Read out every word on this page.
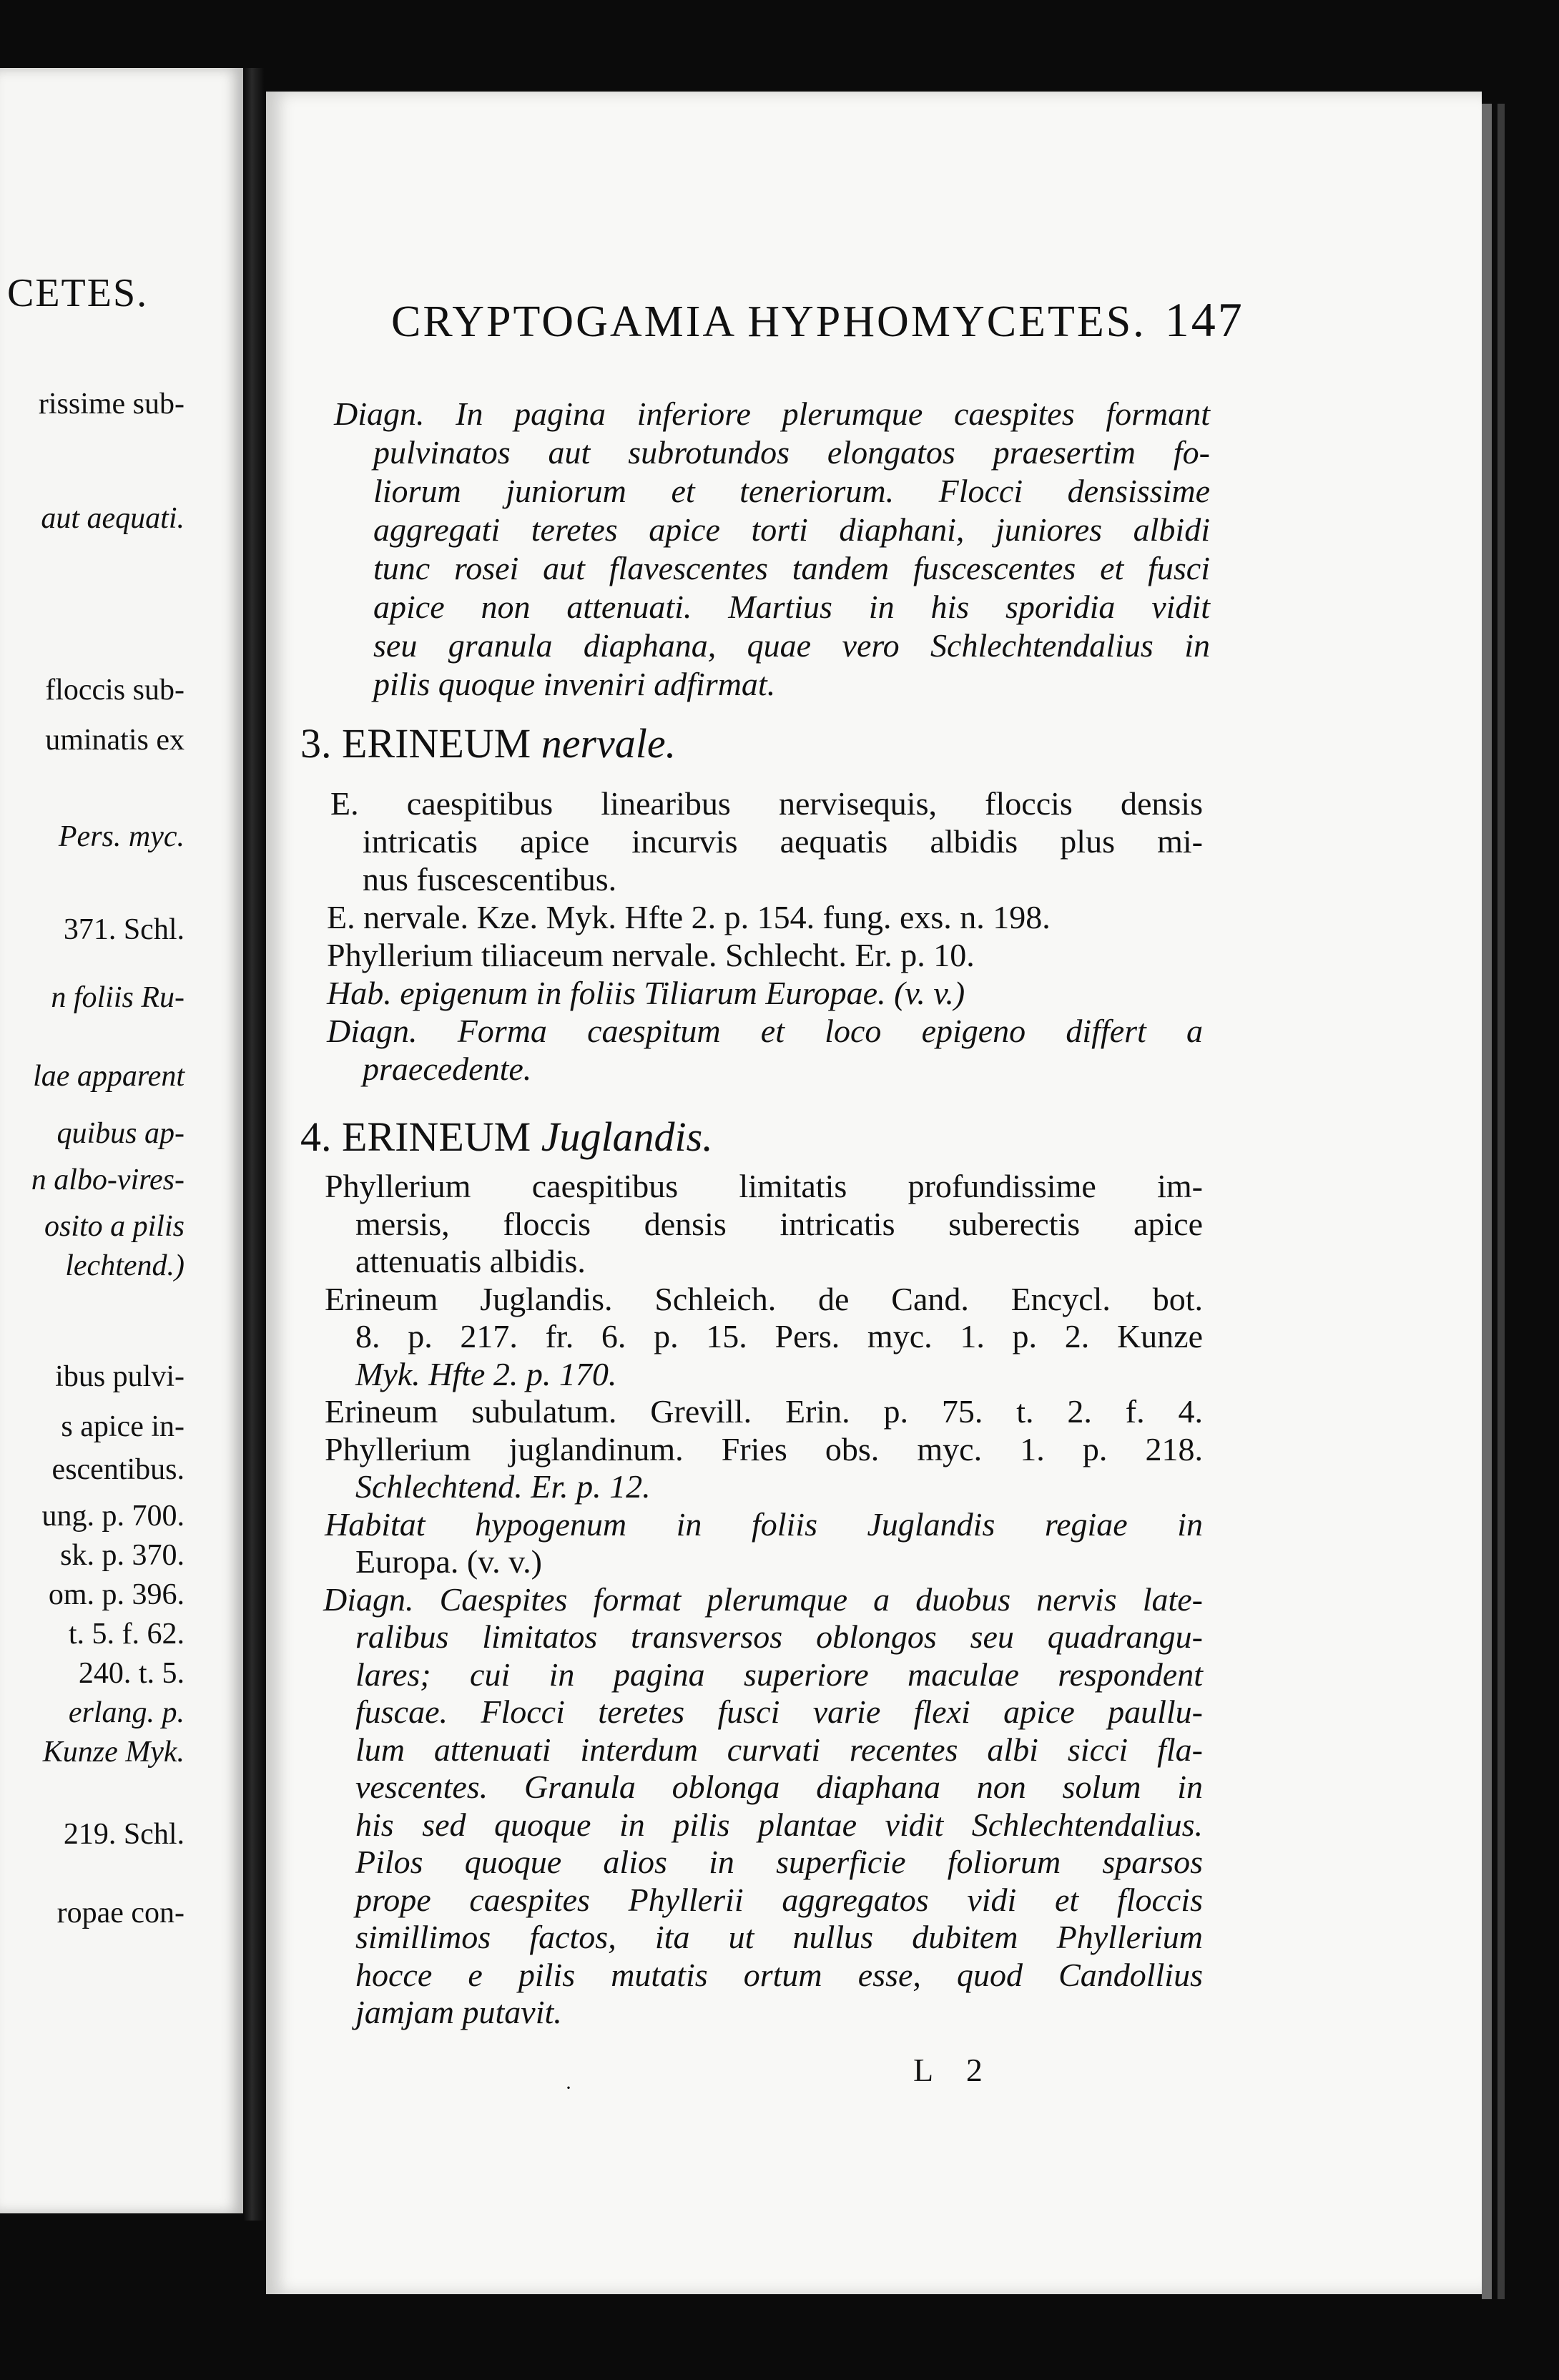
CETES.
rissime sub-
aut aequati.
floccis sub-
uminatis ex
Pers. myc.
371. Schl.
n foliis Ru-
lae apparent
quibus ap-
n albo-vires-
osito a pilis
lechtend.)
ibus pulvi-
s apice in-
escentibus.
ung. p. 700.
sk. p. 370.
om. p. 396.
t. 5. f. 62.
240. t. 5.
erlang. p.
Kunze Myk.
219. Schl.
ropae con-
CRYPTOGAMIA HYPHOMYCETES. 147
Diagn. In pagina inferiore plerumque caespites formant
pulvinatos aut subrotundos elongatos praesertim fo-
liorum juniorum et teneriorum. Flocci densissime
aggregati teretes apice torti diaphani, juniores albidi
tunc rosei aut flavescentes tandem fuscescentes et fusci
apice non attenuati. Martius in his sporidia vidit
seu granula diaphana, quae vero Schlechtendalius in
pilis quoque inveniri adfirmat.
3. ERINEUM nervale.
E. caespitibus linearibus nervisequis, floccis densis
intricatis apice incurvis aequatis albidis plus mi-
nus fuscescentibus.
E. nervale. Kze. Myk. Hfte 2. p. 154. fung. exs. n. 198.
Phyllerium tiliaceum nervale. Schlecht. Er. p. 10.
Hab. epigenum in foliis Tiliarum Europae. (v. v.)
Diagn. Forma caespitum et loco epigeno differt a
praecedente.
4. ERINEUM Juglandis.
Phyllerium caespitibus limitatis profundissime im-
mersis, floccis densis intricatis suberectis apice
attenuatis albidis.
Erineum Juglandis. Schleich. de Cand. Encycl. bot.
8. p. 217. fr. 6. p. 15. Pers. myc. 1. p. 2. Kunze
Myk. Hfte 2. p. 170.
Erineum subulatum. Grevill. Erin. p. 75. t. 2. f. 4.
Phyllerium juglandinum. Fries obs. myc. 1. p. 218.
Schlechtend. Er. p. 12.
Habitat hypogenum in foliis Juglandis regiae in
Europa. (v. v.)
Diagn. Caespites format plerumque a duobus nervis late-
ralibus limitatos transversos oblongos seu quadrangu-
lares; cui in pagina superiore maculae respondent
fuscae. Flocci teretes fusci varie flexi apice paullu-
lum attenuati interdum curvati recentes albi sicci fla-
vescentes. Granula oblonga diaphana non solum in
his sed quoque in pilis plantae vidit Schlechtendalius.
Pilos quoque alios in superficie foliorum sparsos
prope caespites Phyllerii aggregatos vidi et floccis
simillimos factos, ita ut nullus dubitem Phyllerium
hocce e pilis mutatis ortum esse, quod Candollius
jamjam putavit.
·	L 2
